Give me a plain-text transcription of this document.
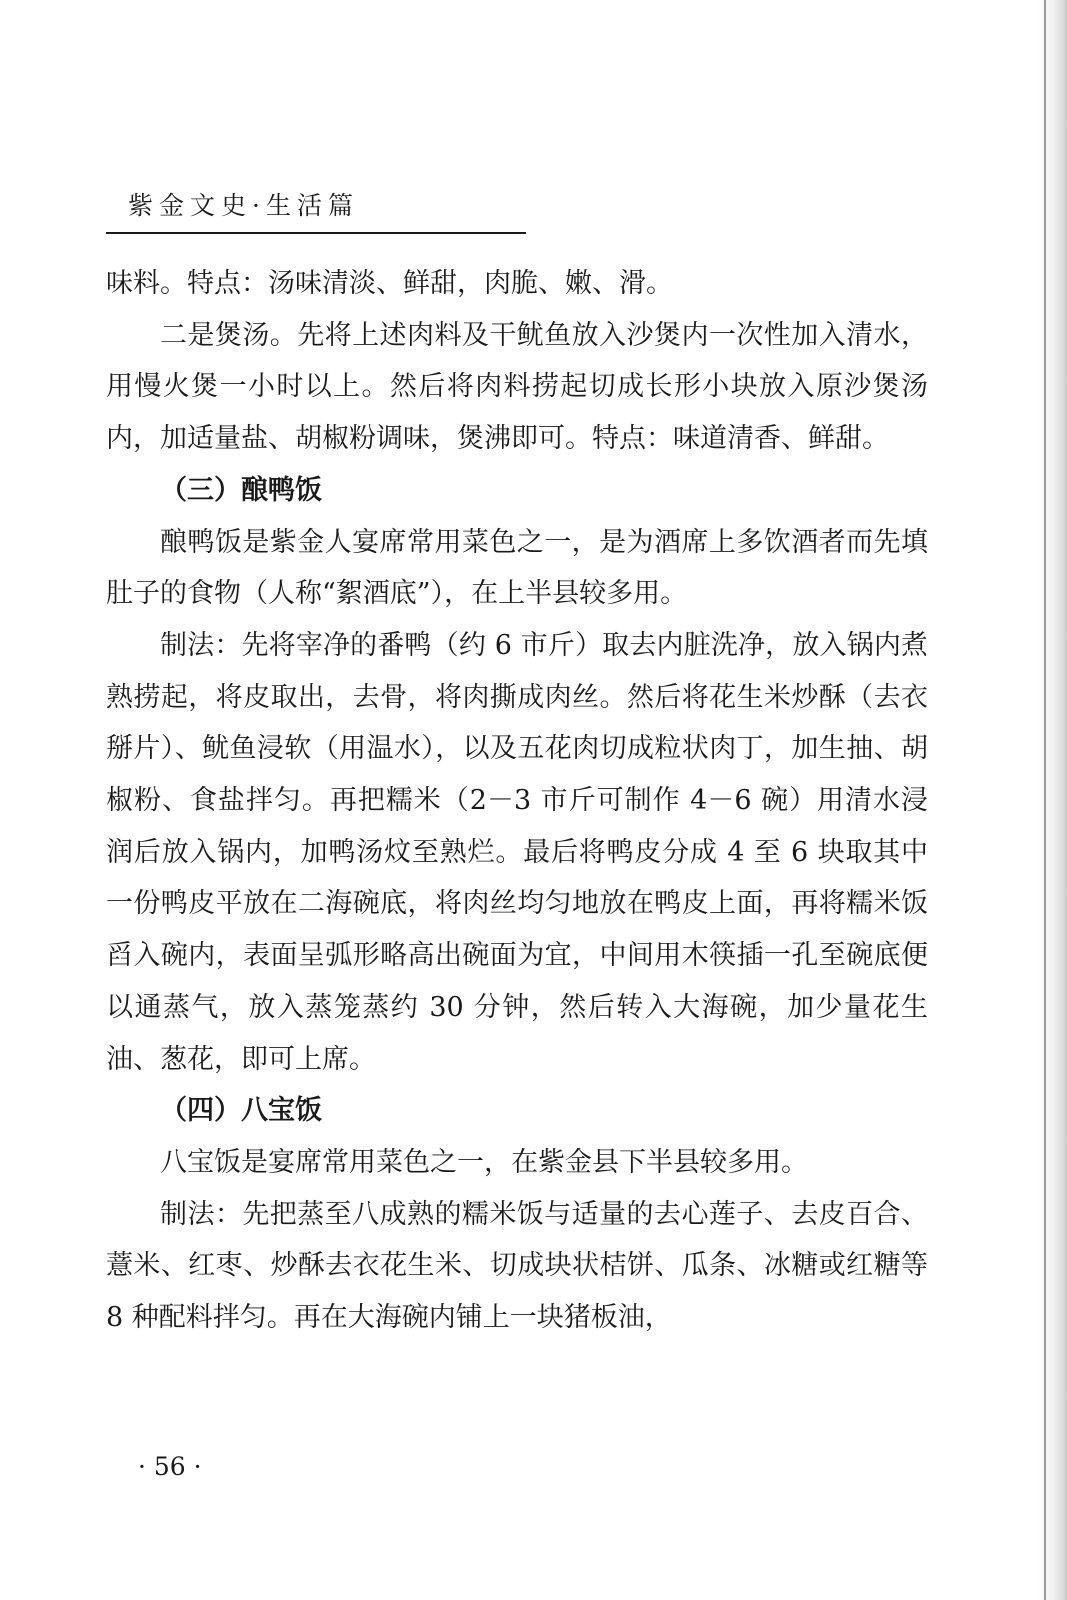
紫金文史·生活篇

味料。特点：汤味清淡、鲜甜，肉脆、嫩、滑。

二是煲汤。先将上述肉料及干鱿鱼放入沙煲内一次性加入清水，用慢火煲一小时以上。然后将肉料捞起切成长形小块放入原沙煲汤内，加适量盐、胡椒粉调味，煲沸即可。特点：味道清香、鲜甜。

（三）酿鸭饭

酿鸭饭是紫金人宴席常用菜色之一，是为酒席上多饮酒者而先填肚子的食物（人称“絮酒底”），在上半县较多用。

制法：先将宰净的番鸭（约 6 市斤）取去内脏洗净，放入锅内煮熟捞起，将皮取出，去骨，将肉撕成肉丝。然后将花生米炒酥（去衣掰片）、鱿鱼浸软（用温水），以及五花肉切成粒状肉丁，加生抽、胡椒粉、食盐拌匀。再把糯米（2－3 市斤可制作 4－6 碗）用清水浸润后放入锅内，加鸭汤炆至熟烂。最后将鸭皮分成 4 至 6 块取其中一份鸭皮平放在二海碗底，将肉丝均匀地放在鸭皮上面，再将糯米饭舀入碗内，表面呈弧形略高出碗面为宜，中间用木筷插一孔至碗底便以通蒸气，放入蒸笼蒸约 30 分钟，然后转入大海碗，加少量花生油、葱花，即可上席。

（四）八宝饭

八宝饭是宴席常用菜色之一，在紫金县下半县较多用。

制法：先把蒸至八成熟的糯米饭与适量的去心莲子、去皮百合、薏米、红枣、炒酥去衣花生米、切成块状桔饼、瓜条、冰糖或红糖等 8 种配料拌匀。再在大海碗内铺上一块猪板油，

· 56 ·
